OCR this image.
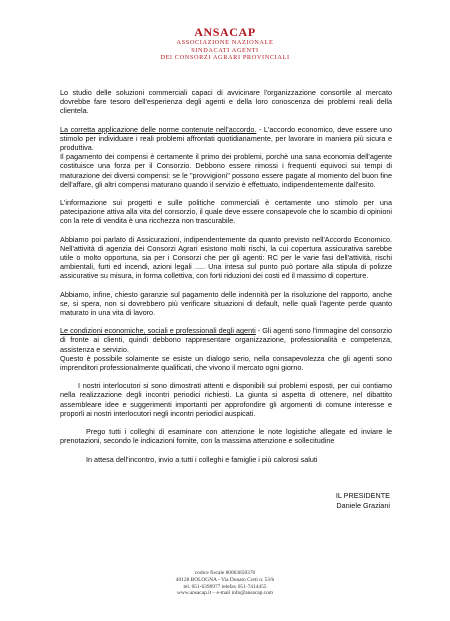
ANSACAP
ASSOCIAZIONE NAZIONALE
SINDACATI AGENTI
DEI CONSORZI AGRARI PROVINCIALI

Lo studio delle soluzioni commerciali capaci di avvicinare l'organizzazione consortile al mercato dovrebbe fare tesoro dell'esperienza degli agenti e della loro conoscenza dei problemi reali della clientela.

La corretta applicazione delle norme contenute nell'accordo. - L'accordo economico, deve essere uno stimolo per individuare i reali problemi affrontati quotidianamente, per lavorare in maniera più sicura e produttiva.

Il pagamento dei compensi è certamente il primo dei problemi, porchè una sana economia dell'agente costituisce una forza per il Consorzio. Debbono essere rimossi i frequenti equivoci sui tempi di maturazione dei diversi compensi: se le "provvigioni" possono essere pagate al momento del buon fine dell'affare, gli altri compensi maturano quando il servizio è effettuato, indipendentemente dall'esito.

L'informazione sui progetti e sulle politiche commerciali è certamente uno stimolo per una patecipazione attiva alla vita del consorzio, il quale deve essere consapevole che lo scambio di opinioni con la rete di vendita è una ricchezza non trascurabile.

Abbiamo poi parlato di Assicurazioni, indipendentemente da quanto previsto nell'Accordo Economico. Nell'attività di agenzia dei Consorzi Agrari esistono molti rischi, la cui copertura assicurativa sarebbe utile o molto opportuna, sia per i Consorzi che per gli agenti: RC per le varie fasi dell'attività, rischi ambientali, furti ed incendi, azioni legali ..... Una intesa sul punto può portare alla stipula di polizze assicurative su misura, in forma collettiva, con forti riduzioni dei costi ed il massimo di coperture.

Abbiamo, infine, chiesto garanzie sul pagamento delle indennità per la risoluzione del rapporto, anche se, si spera, non si dovrebbero più verificare situazioni di default, nelle quali l'agente perde quanto maturato in una vita di lavoro.

Le condizioni economiche, sociali e professionali degli agenti - Gli agenti sono l'immagine del consorzio di fronte ai clienti, quindi debbono rappresentare organizzazione, professionalità e competenza, assistenza e servizio.

Questo è possibile solamente se esiste un dialogo serio, nella consapevolezza che gli agenti sono imprenditori professionalmente qualificati, che vivono il mercato ogni giorno.

I nostri interlocutori si sono dimostrati attenti e disponibili sui problemi esposti, per cui contiamo nella realizzazione degli incontri periodici richiesti. La giunta si aspetta di ottenere, nel dibattito assembleare idee e suggerimenti importanti per approfondire gli argomenti di comune interesse e proporli ai nostri interlocutori negli incontri periodici auspicati.

Prego tutti i colleghi di esaminare con attenzione le note logistiche allegate ed inviare le prenotazioni, secondo le indicazioni fornite, con la massima attenzione e sollecitudine

In attesa dell'incontro, invio a tutti i colleghi e famiglie i più calorosi saluti

IL PRESIDENTE
Daniele Graziani
codice fiscale 80063850376
40128 BOLOGNA - Via Donato Creti n. 53/b
tel. 051-6390977 telefax 051-7414455
www.ansacap.it – e-mail info@ansacap.com
